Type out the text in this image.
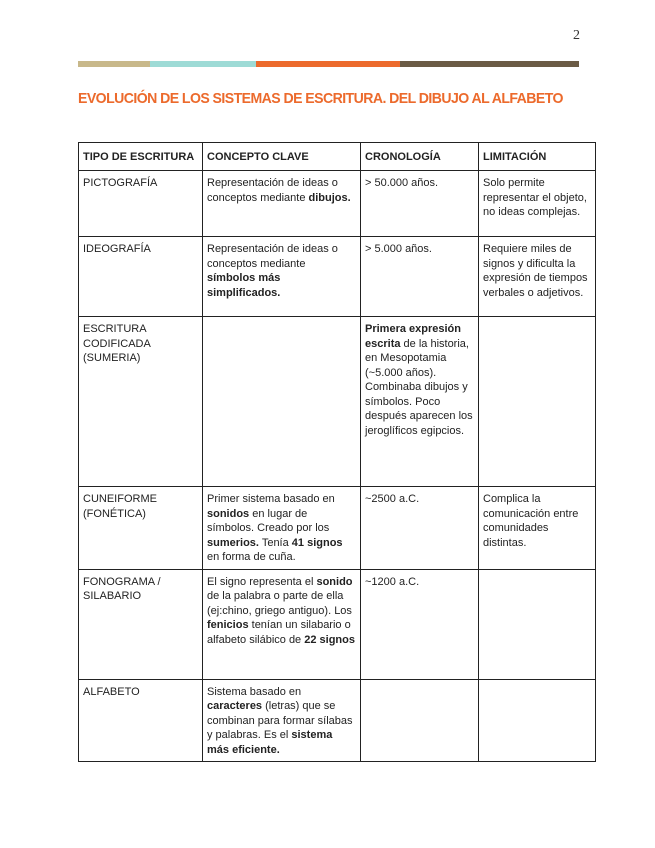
2
EVOLUCIÓN DE LOS SISTEMAS DE ESCRITURA. DEL DIBUJO AL ALFABETO
TIPO DE ESCRITURA	CONCEPTO CLAVE	CRONOLOGÍA	LIMITACIÓN
PICTOGRAFÍA	Representación de ideas o conceptos mediante dibujos.	> 50.000 años.	Solo permite representar el objeto, no ideas complejas.
IDEOGRAFÍA	Representación de ideas o conceptos mediante símbolos más simplificados.	> 5.000 años.	Requiere miles de signos y dificulta la expresión de tiempos verbales o adjetivos.
ESCRITURA CODIFICADA (SUMERIA)		Primera expresión escrita de la historia, en Mesopotamia (~5.000 años). Combinaba dibujos y símbolos. Poco después aparecen los jeroglíficos egipcios.	
CUNEIFORME (FONÉTICA)	Primer sistema basado en sonidos en lugar de símbolos. Creado por los sumerios. Tenía 41 signos en forma de cuña.	~2500 a.C.	Complica la comunicación entre comunidades distintas.
FONOGRAMA / SILABARIO	El signo representa el sonido de la palabra o parte de ella (ej:chino, griego antiguo). Los fenicios tenían un silabario o alfabeto silábico de 22 signos	~1200 a.C.	
ALFABETO	Sistema basado en caracteres (letras) que se combinan para formar sílabas y palabras. Es el sistema más eficiente.		
